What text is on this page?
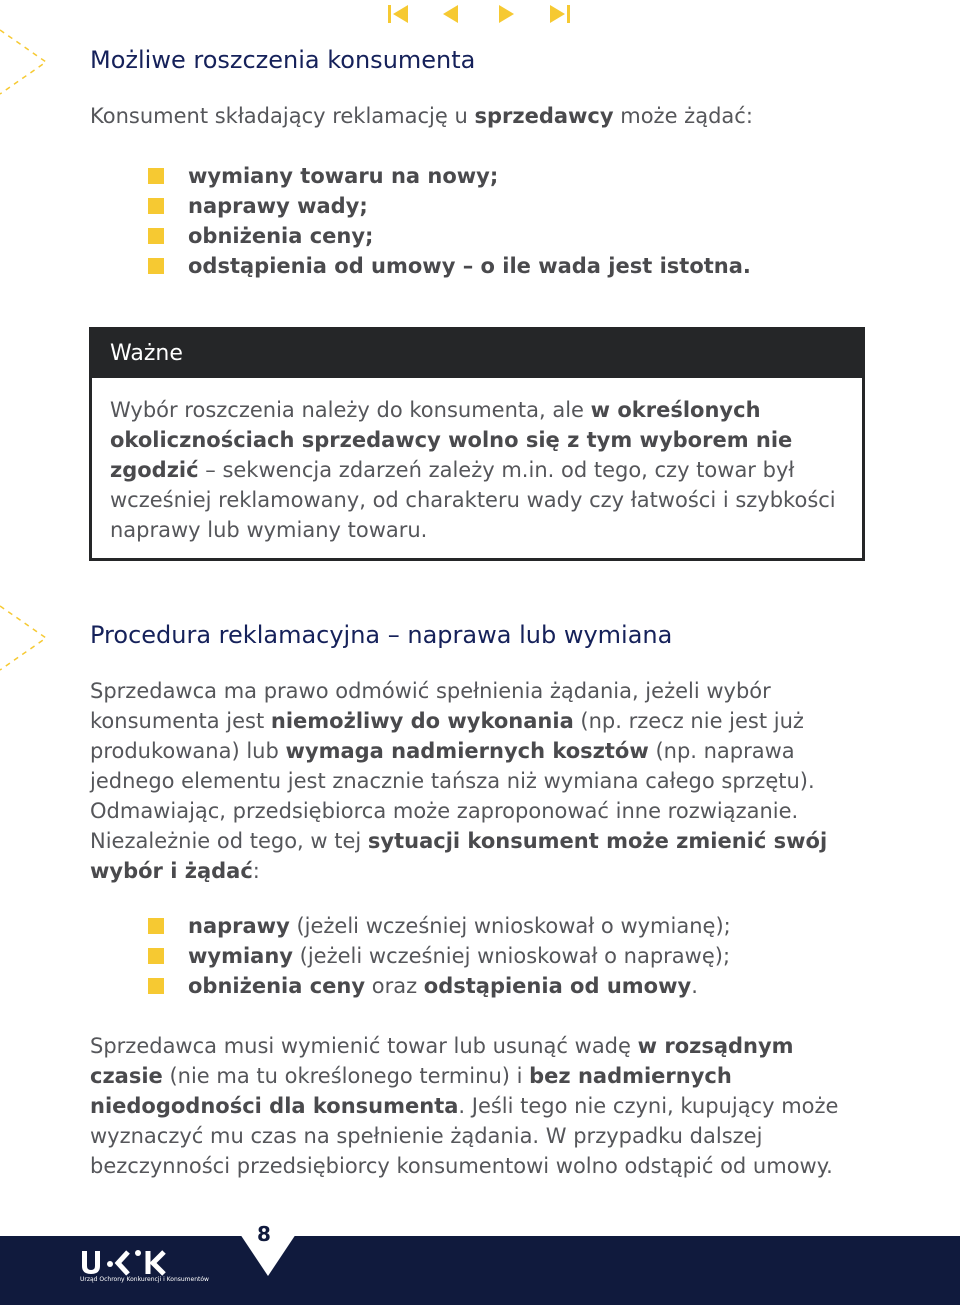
Możliwe roszczenia konsumenta

Konsument składający reklamację u sprzedawcy może żądać:

wymiany towaru na nowy;
naprawy wady;
obniżenia ceny;
odstąpienia od umowy – o ile wada jest istotna.
Ważne
Wybór roszczenia należy do konsumenta, ale w określonych okolicznościach sprzedawcy wolno się z tym wyborem nie zgodzić – sekwencja zdarzeń zależy m.in. od tego, czy towar był wcześniej reklamowany, od charakteru wady czy łatwości i szybkości naprawy lub wymiany towaru.
Procedura reklamacyjna – naprawa lub wymiana

Sprzedawca ma prawo odmówić spełnienia żądania, jeżeli wybór konsumenta jest niemożliwy do wykonania (np. rzecz nie jest już produkowana) lub wymaga nadmiernych kosztów (np. naprawa jednego elementu jest znacznie tańsza niż wymiana całego sprzętu). Odmawiając, przedsiębiorca może zaproponować inne rozwiązanie. Niezależnie od tego, w tej sytuacji konsument może zmienić swój wybór i żądać:

naprawy (jeżeli wcześniej wnioskował o wymianę);
wymiany (jeżeli wcześniej wnioskował o naprawę);
obniżenia ceny oraz odstąpienia od umowy.

Sprzedawca musi wymienić towar lub usunąć wadę w rozsądnym czasie (nie ma tu określonego terminu) i bez nadmiernych niedogodności dla konsumenta. Jeśli tego nie czyni, kupujący może wyznaczyć mu czas na spełnienie żądania. W przypadku dalszej bezczynności przedsiębiorcy konsumentowi wolno odstąpić od umowy.

8
Urząd Ochrony Konkurencji i Konsumentów
